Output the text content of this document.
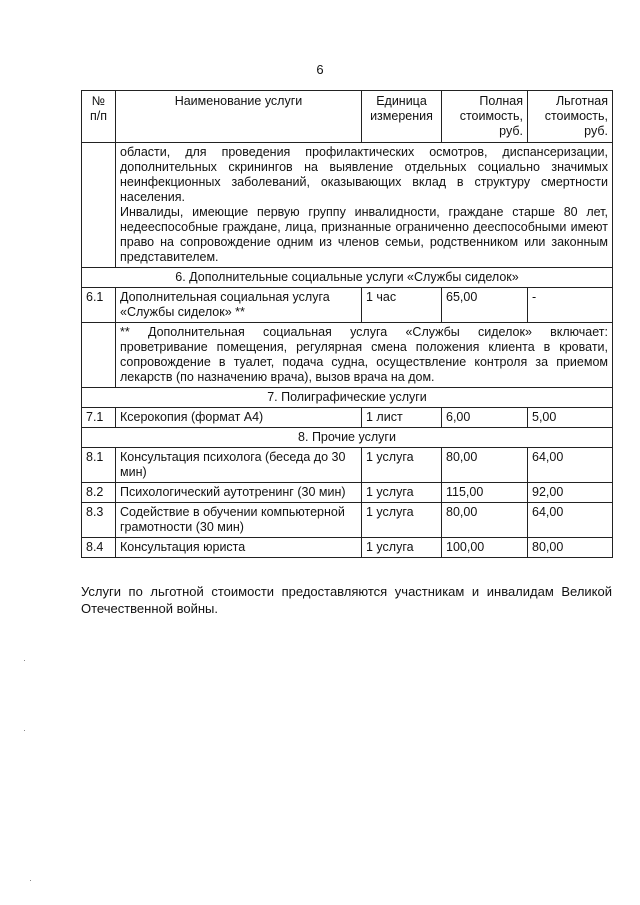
6
№ п/п	Наименование услуги	Единица измерения	Полная стоимость, руб.	Льготная стоимость, руб.

	области, для проведения профилактических осмотров, диспансеризации, дополнительных скринингов на выявление отдельных социально значимых неинфекционных заболеваний, оказывающих вклад в структуру смертности населения.

Инвалиды, имеющие первую группу инвалидности, граждане старше 80 лет, недееспособные граждане, лица, признанные ограниченно дееспособными имеют право на сопровождение одним из членов семьи, родственником или законным представителем.			

6. Дополнительные социальные услуги «Службы сиделок»				
6.1	Дополнительная социальная услуга «Службы сиделок» **	1 час	65,00	-
	** Дополнительная социальная услуга «Службы сиделок» включает: проветривание помещения, регулярная смена положения клиента в кровати, сопровождение в туалет, подача судна, осуществление контроля за приемом лекарств (по назначению врача), вызов врача на дом.			
7. Полиграфические услуги				
7.1	Ксерокопия (формат А4)	1 лист	6,00	5,00
8. Прочие услуги				
8.1	Консультация психолога (беседа до 30 мин)	1 услуга	80,00	64,00
8.2	Психологический аутотренинг (30 мин)	1 услуга	115,00	92,00
8.3	Содействие в обучении компьютерной грамотности (30 мин)	1 услуга	80,00	64,00
8.4	Консультация юриста	1 услуга	100,00	80,00
Услуги по льготной стоимости предоставляются участникам и инвалидам Великой Отечественной войны.
